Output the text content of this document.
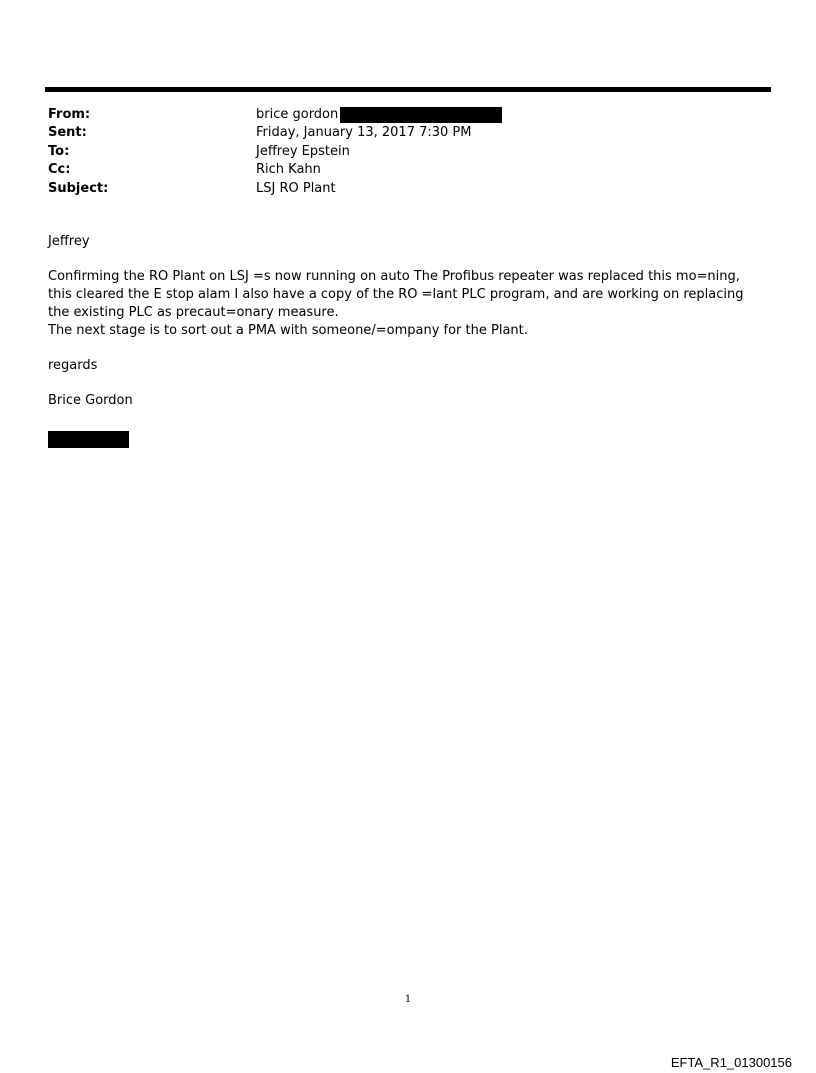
From:	brice gordon
Sent:	Friday, January 13, 2017 7:30 PM
To:	Jeffrey Epstein
Cc:	Rich Kahn
Subject:	LSJ RO Plant

Jeffrey

Confirming the RO Plant on LSJ =s now running on auto The Profibus repeater was replaced this mo=ning, this cleared the E stop alam I also have a copy of the RO =lant PLC program, and are working on replacing the existing PLC as precaut=onary measure.

The next stage is to sort out a PMA with someone/=ompany for the Plant.

regards

Brice Gordon

1
EFTA_R1_01300156
